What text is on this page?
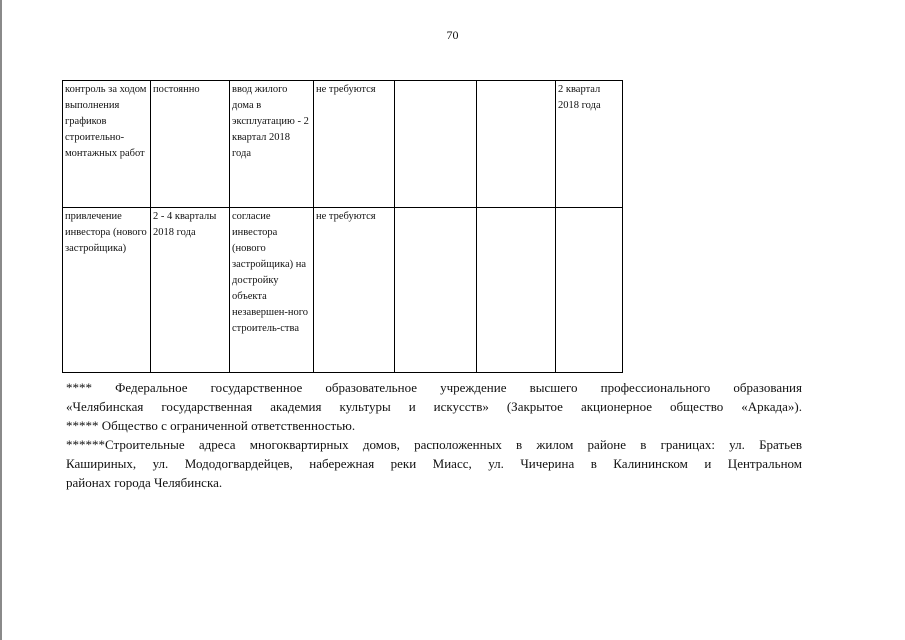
70
контроль за ходом выполнения графиков строительно-монтажных работ	постоянно	ввод жилого дома в эксплуатацию - 2 квартал 2018 года	не требуются			2 квартал 2018 года
привлечение инвестора (нового застройщика)	2 - 4 кварталы 2018 года	согласие инвестора (нового застройщика) на достройку объекта незавершен-ного строитель-ства	не требуются			

**** Федеральное государственное образовательное учреждение высшего профессионального образования

«Челябинская государственная академия культуры и искусств» (Закрытое акционерное общество «Аркада»).

***** Общество с ограниченной ответственностью.

******Строительные адреса многоквартирных домов, расположенных в жилом районе в границах: ул. Братьев

Кашириных, ул. Мододогвардейцев, набережная реки Миасс, ул. Чичерина в Калининском и Центральном

районах города Челябинска.
